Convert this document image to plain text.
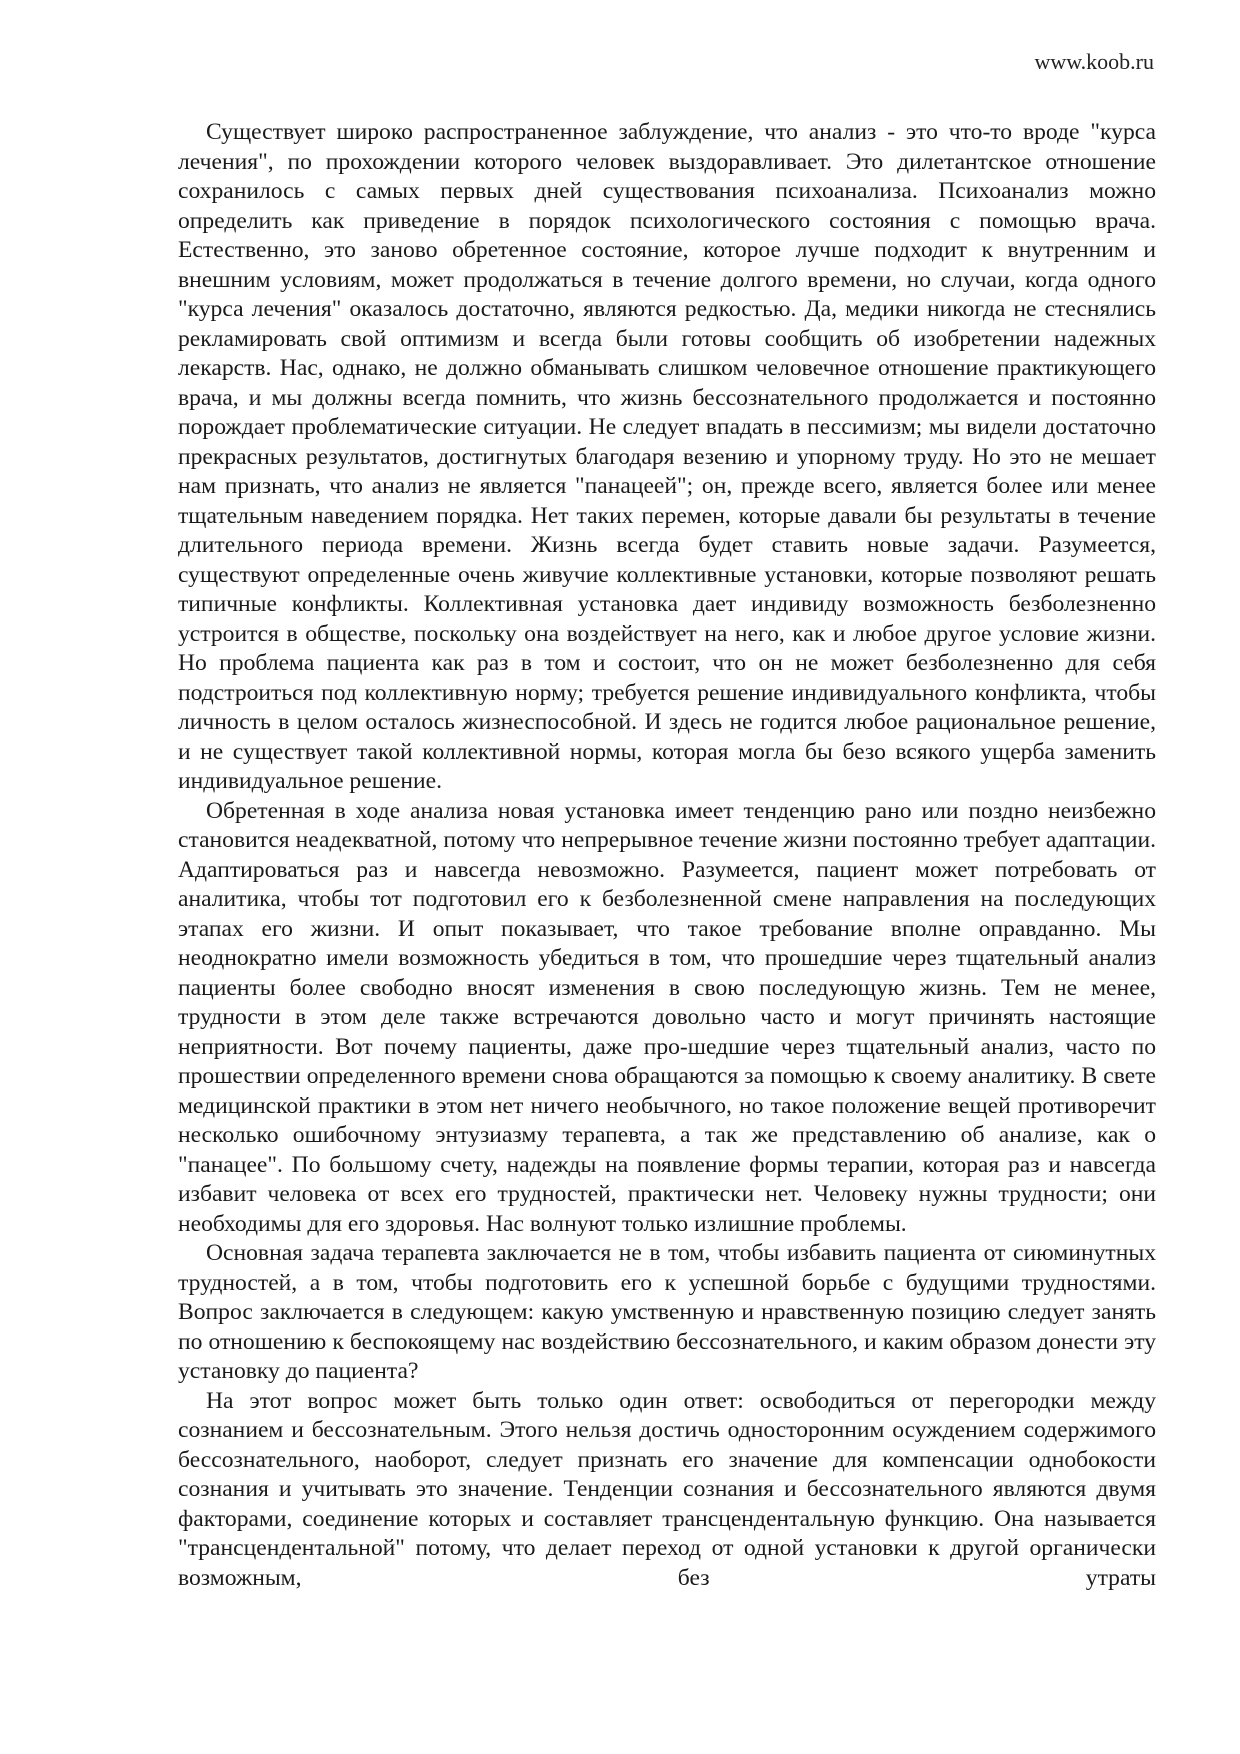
www.koob.ru

Существует широко распространенное заблуждение, что анализ - это что-то вроде "курса лечения", по прохождении которого человек выздоравливает. Это дилетантское отношение сохранилось с самых первых дней существования психоанализа. Психоанализ можно определить как приведение в порядок психологического состояния с помощью врача. Естественно, это заново обретенное состояние, которое лучше подходит к внутренним и внешним условиям, может продолжаться в течение долгого времени, но случаи, когда одного "курса лечения" оказалось достаточно, являются редкостью. Да, медики никогда не стеснялись рекламировать свой оптимизм и всегда были готовы сообщить об изобретении надежных лекарств. Нас, однако, не должно обманывать слишком человечное отношение практикующего врача, и мы должны всегда помнить, что жизнь бессознательного продолжается и постоянно порождает проблематические ситуации. Не следует впадать в пессимизм; мы видели достаточно прекрасных результатов, достигнутых благодаря везению и упорному труду. Но это не мешает нам признать, что анализ не является "панацеей"; он, прежде всего, является более или менее тщательным наведением порядка. Нет таких перемен, которые давали бы результаты в течение длительного периода времени. Жизнь всегда будет ставить новые задачи. Разумеется, существуют определенные очень живучие коллективные установки, которые позволяют решать типичные конфликты. Коллективная установка дает индивиду возможность безболезненно устроится в обществе, поскольку она воздействует на него, как и любое другое условие жизни. Но проблема пациента как раз в том и состоит, что он не может безболезненно для себя подстроиться под коллективную норму; требуется решение индивидуального конфликта, чтобы личность в целом осталось жизнеспособной. И здесь не годится любое рациональное решение, и не существует такой коллективной нормы, которая могла бы безо всякого ущерба заменить индивидуальное решение.

Обретенная в ходе анализа новая установка имеет тенденцию рано или поздно неизбежно становится неадекватной, потому что непрерывное течение жизни постоянно требует адаптации. Адаптироваться раз и навсегда невозможно. Разумеется, пациент может потребовать от аналитика, чтобы тот подготовил его к безболезненной смене направления на последующих этапах его жизни. И опыт показывает, что такое требование вполне оправданно. Мы неоднократно имели возможность убедиться в том, что прошедшие через тщательный анализ пациенты более свободно вносят изменения в свою последующую жизнь. Тем не менее, трудности в этом деле также встречаются довольно часто и могут причинять настоящие неприятности. Вот почему пациенты, даже про-шедшие через тщательный анализ, часто по прошествии определенного времени снова обращаются за помощью к своему аналитику. В свете медицинской практики в этом нет ничего необычного, но такое положение вещей противоречит несколько ошибочному энтузиазму терапевта, а так же представлению об анализе, как о "панацее". По большому счету, надежды на появление формы терапии, которая раз и навсегда избавит человека от всех его трудностей, практически нет. Человеку нужны трудности; они необходимы для его здоровья. Нас волнуют только излишние проблемы.

Основная задача терапевта заключается не в том, чтобы избавить пациента от сиюминутных трудностей, а в том, чтобы подготовить его к успешной борьбе с будущими трудностями. Вопрос заключается в следующем: какую умственную и нравственную позицию следует занять по отношению к беспокоящему нас воздействию бессознательного, и каким образом донести эту установку до пациента?

На этот вопрос может быть только один ответ: освободиться от перегородки между сознанием и бессознательным. Этого нельзя достичь односторонним осуждением содержимого бессознательного, наоборот, следует признать его значение для компенсации однобокости сознания и учитывать это значение. Тенденции сознания и бессознательного являются двумя факторами, соединение которых и составляет трансцендентальную функцию. Она называется "трансцендентальной" потому, что делает переход от одной установки к другой органически возможным, без утраты
